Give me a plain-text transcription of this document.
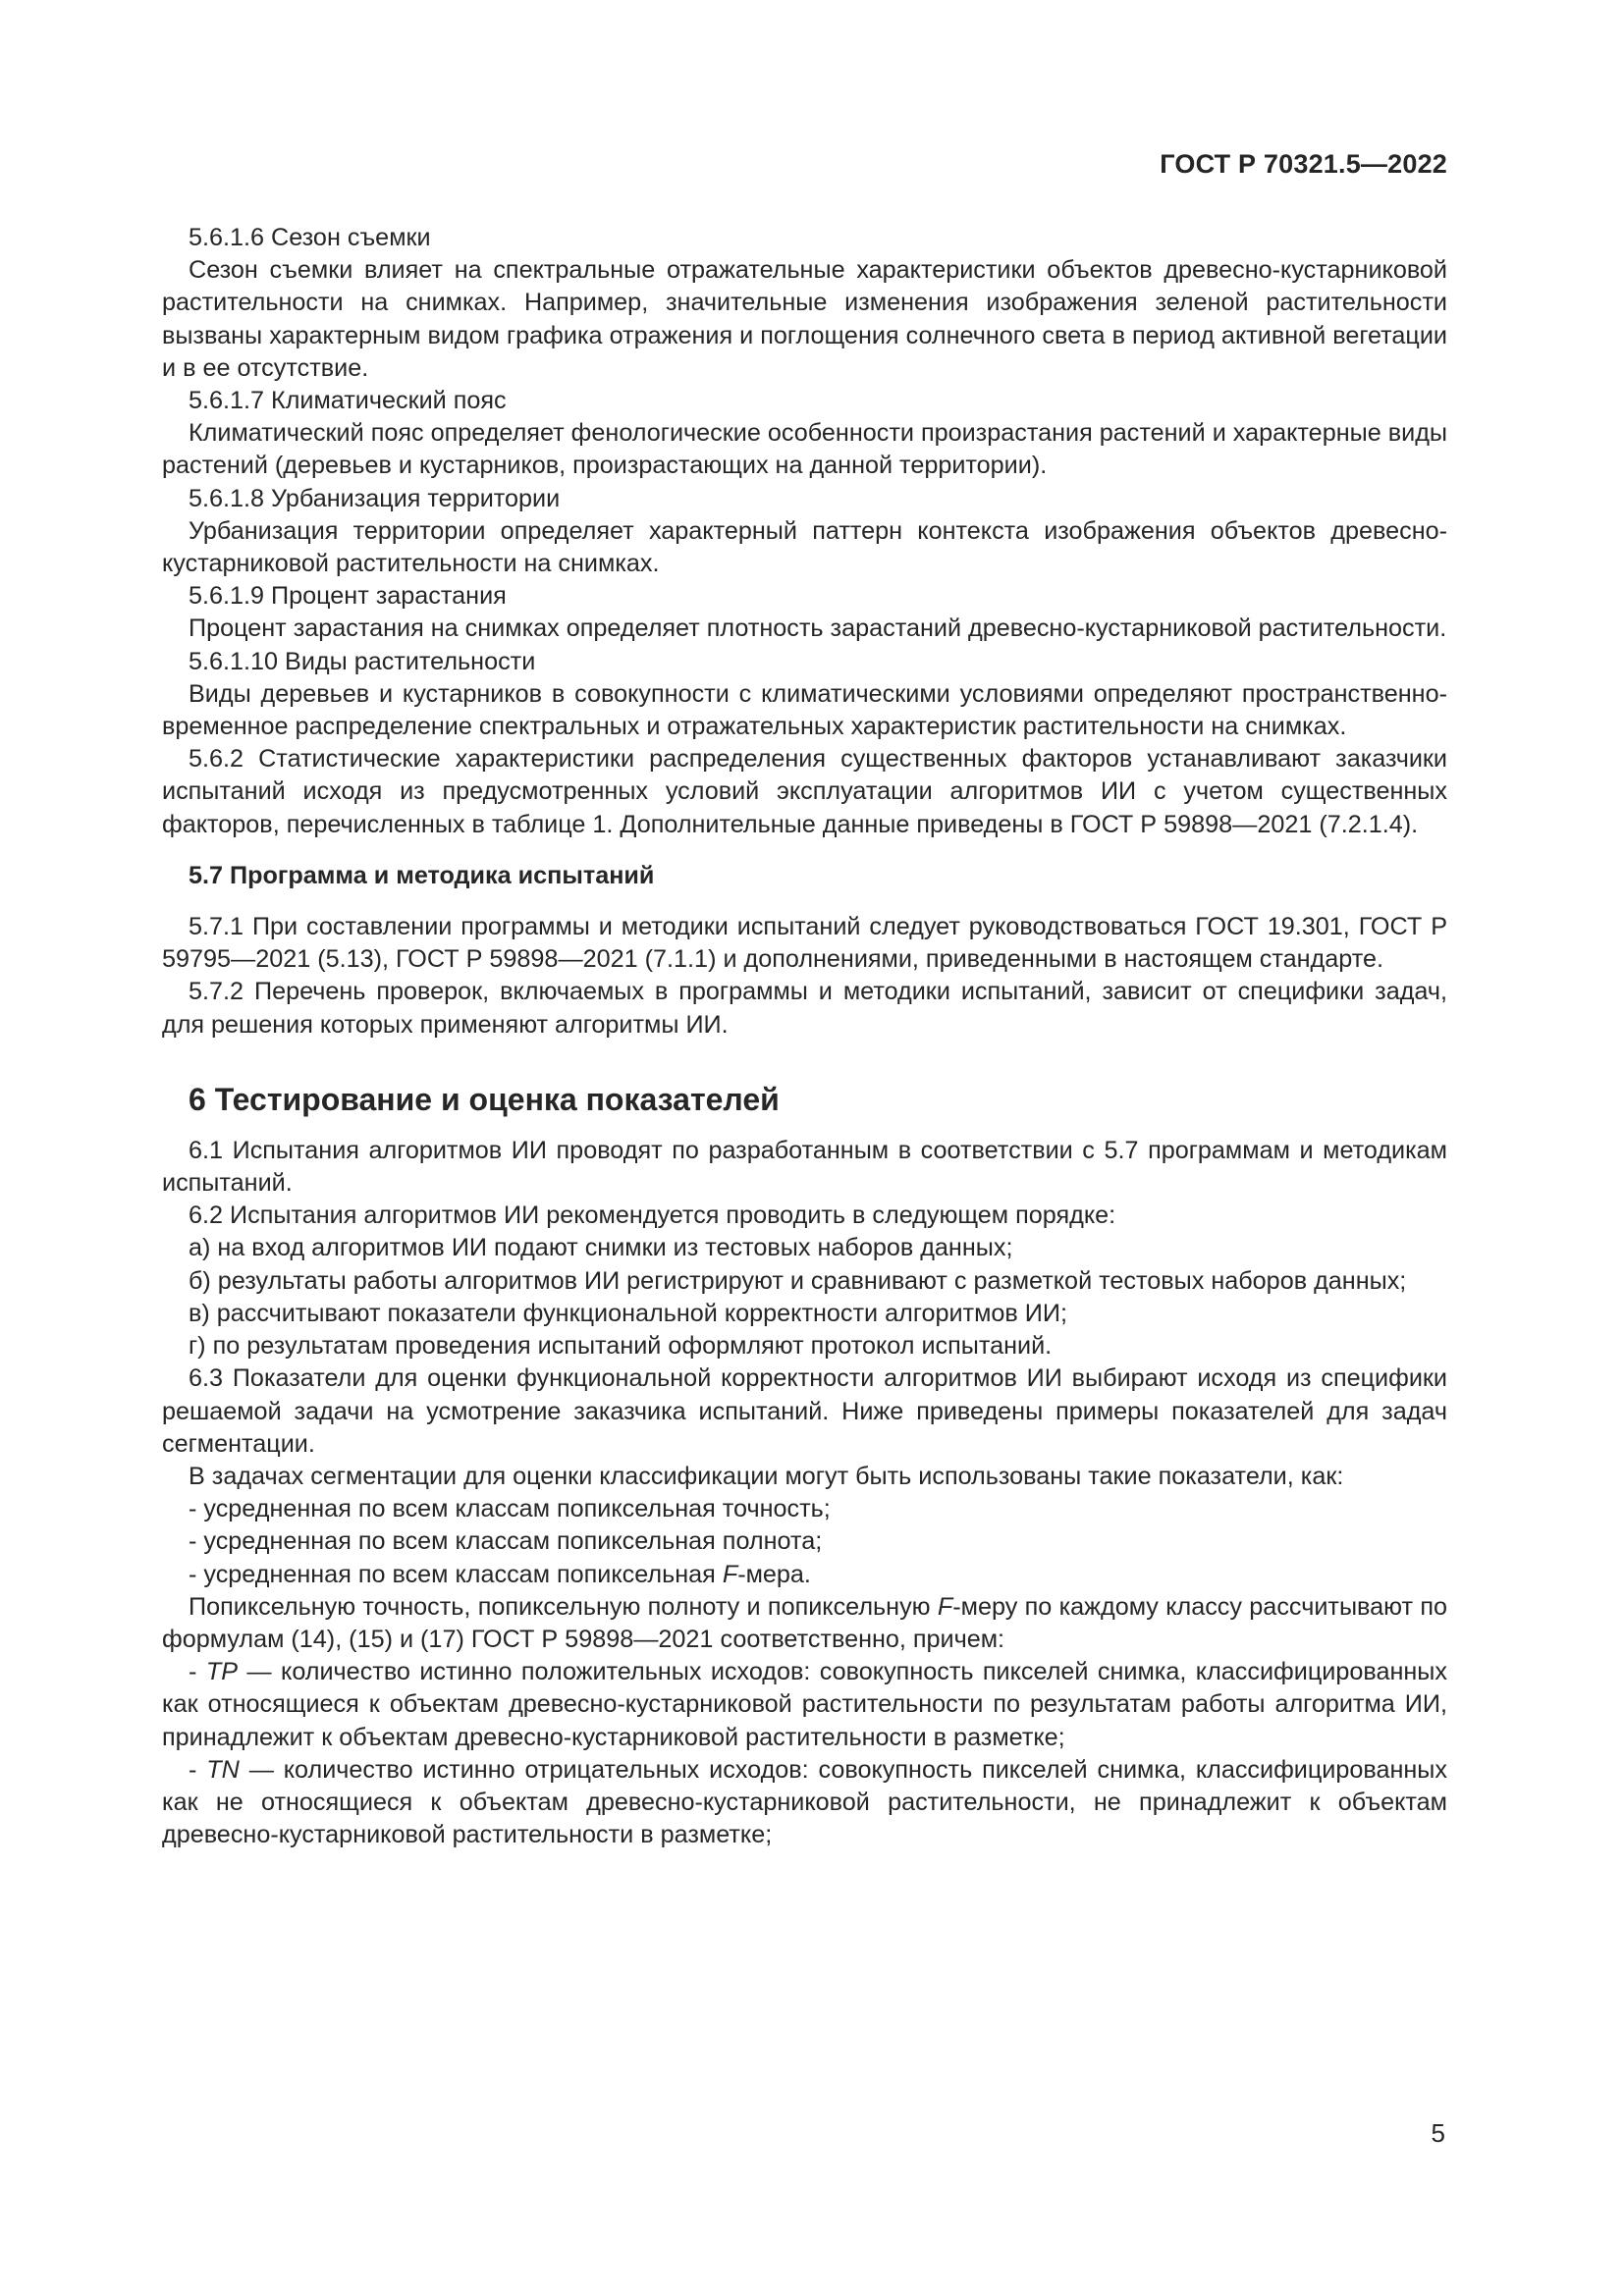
ГОСТ Р 70321.5—2022

5.6.1.6 Сезон съемки

Сезон съемки влияет на спектральные отражательные характеристики объектов древесно-кустарниковой растительности на снимках. Например, значительные изменения изображения зеленой растительности вызваны характерным видом графика отражения и поглощения солнечного света в период активной вегетации и в ее отсутствие.

5.6.1.7 Климатический пояс

Климатический пояс определяет фенологические особенности произрастания растений и характерные виды растений (деревьев и кустарников, произрастающих на данной территории).

5.6.1.8 Урбанизация территории

Урбанизация территории определяет характерный паттерн контекста изображения объектов древесно-кустарниковой растительности на снимках.

5.6.1.9 Процент зарастания

Процент зарастания на снимках определяет плотность зарастаний древесно-кустарниковой растительности.

5.6.1.10 Виды растительности

Виды деревьев и кустарников в совокупности с климатическими условиями определяют пространственно-временное распределение спектральных и отражательных характеристик растительности на снимках.

5.6.2 Статистические характеристики распределения существенных факторов устанавливают заказчики испытаний исходя из предусмотренных условий эксплуатации алгоритмов ИИ с учетом существенных факторов, перечисленных в таблице 1. Дополнительные данные приведены в ГОСТ Р 59898—2021 (7.2.1.4).

5.7 Программа и методика испытаний

5.7.1 При составлении программы и методики испытаний следует руководствоваться ГОСТ 19.301, ГОСТ Р 59795—2021 (5.13), ГОСТ Р 59898—2021 (7.1.1) и дополнениями, приведенными в настоящем стандарте.

5.7.2 Перечень проверок, включаемых в программы и методики испытаний, зависит от специфики задач, для решения которых применяют алгоритмы ИИ.

6 Тестирование и оценка показателей

6.1 Испытания алгоритмов ИИ проводят по разработанным в соответствии с 5.7 программам и методикам испытаний.

6.2 Испытания алгоритмов ИИ рекомендуется проводить в следующем порядке:

а) на вход алгоритмов ИИ подают снимки из тестовых наборов данных;

б) результаты работы алгоритмов ИИ регистрируют и сравнивают с разметкой тестовых наборов данных;

в) рассчитывают показатели функциональной корректности алгоритмов ИИ;

г) по результатам проведения испытаний оформляют протокол испытаний.

6.3 Показатели для оценки функциональной корректности алгоритмов ИИ выбирают исходя из специфики решаемой задачи на усмотрение заказчика испытаний. Ниже приведены примеры показателей для задач сегментации.

В задачах сегментации для оценки классификации могут быть использованы такие показатели, как:

- усредненная по всем классам попиксельная точность;

- усредненная по всем классам попиксельная полнота;

- усредненная по всем классам попиксельная F-мера.

Попиксельную точность, попиксельную полноту и попиксельную F-меру по каждому классу рассчитывают по формулам (14), (15) и (17) ГОСТ Р 59898—2021 соответственно, причем:

- TP — количество истинно положительных исходов: совокупность пикселей снимка, классифицированных как относящиеся к объектам древесно-кустарниковой растительности по результатам работы алгоритма ИИ, принадлежит к объектам древесно-кустарниковой растительности в разметке;

- TN — количество истинно отрицательных исходов: совокупность пикселей снимка, классифицированных как не относящиеся к объектам древесно-кустарниковой растительности, не принадлежит к объектам древесно-кустарниковой растительности в разметке;

5
